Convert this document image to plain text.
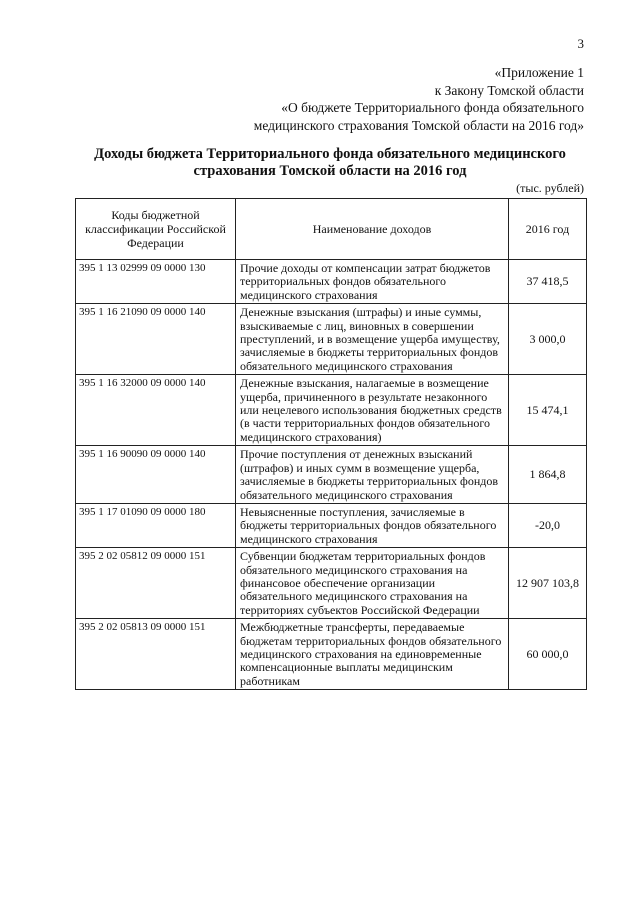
3
«Приложение 1
к Закону Томской области
«О бюджете Территориального фонда обязательного
медицинского страхования Томской области на 2016 год»
Доходы бюджета Территориального фонда обязательного медицинского
страхования Томской области на 2016 год
(тыс. рублей)
Коды бюджетной классификации Российской Федерации	Наименование доходов	2016 год
395 1 13 02999 09 0000 130	Прочие доходы от компенсации затрат бюджетов территориальных фондов обязательного медицинского страхования	37 418,5
395 1 16 21090 09 0000 140	Денежные взыскания (штрафы) и иные суммы, взыскиваемые с лиц, виновных в совершении преступлений, и в возмещение ущерба имуществу, зачисляемые в бюджеты территориальных фондов обязательного медицинского страхования	3 000,0
395 1 16 32000 09 0000 140	Денежные взыскания, налагаемые в возмещение ущерба, причиненного в результате незаконного или нецелевого использования бюджетных средств (в части территориальных фондов обязательного медицинского страхования)	15 474,1
395 1 16 90090 09 0000 140	Прочие поступления от денежных взысканий (штрафов) и иных сумм в возмещение ущерба, зачисляемые в бюджеты территориальных фондов обязательного медицинского страхования	1 864,8
395 1 17 01090 09 0000 180	Невыясненные поступления, зачисляемые в бюджеты территориальных фондов обязательного медицинского страхования	-20,0
395 2 02 05812 09 0000 151	Субвенции бюджетам территориальных фондов обязательного медицинского страхования на финансовое обеспечение организации обязательного медицинского страхования на территориях субъектов Российской Федерации	12 907 103,8
395 2 02 05813 09 0000 151	Межбюджетные трансферты, передаваемые бюджетам территориальных фондов обязательного медицинского страхования на единовременные компенсационные выплаты медицинским работникам	60 000,0
